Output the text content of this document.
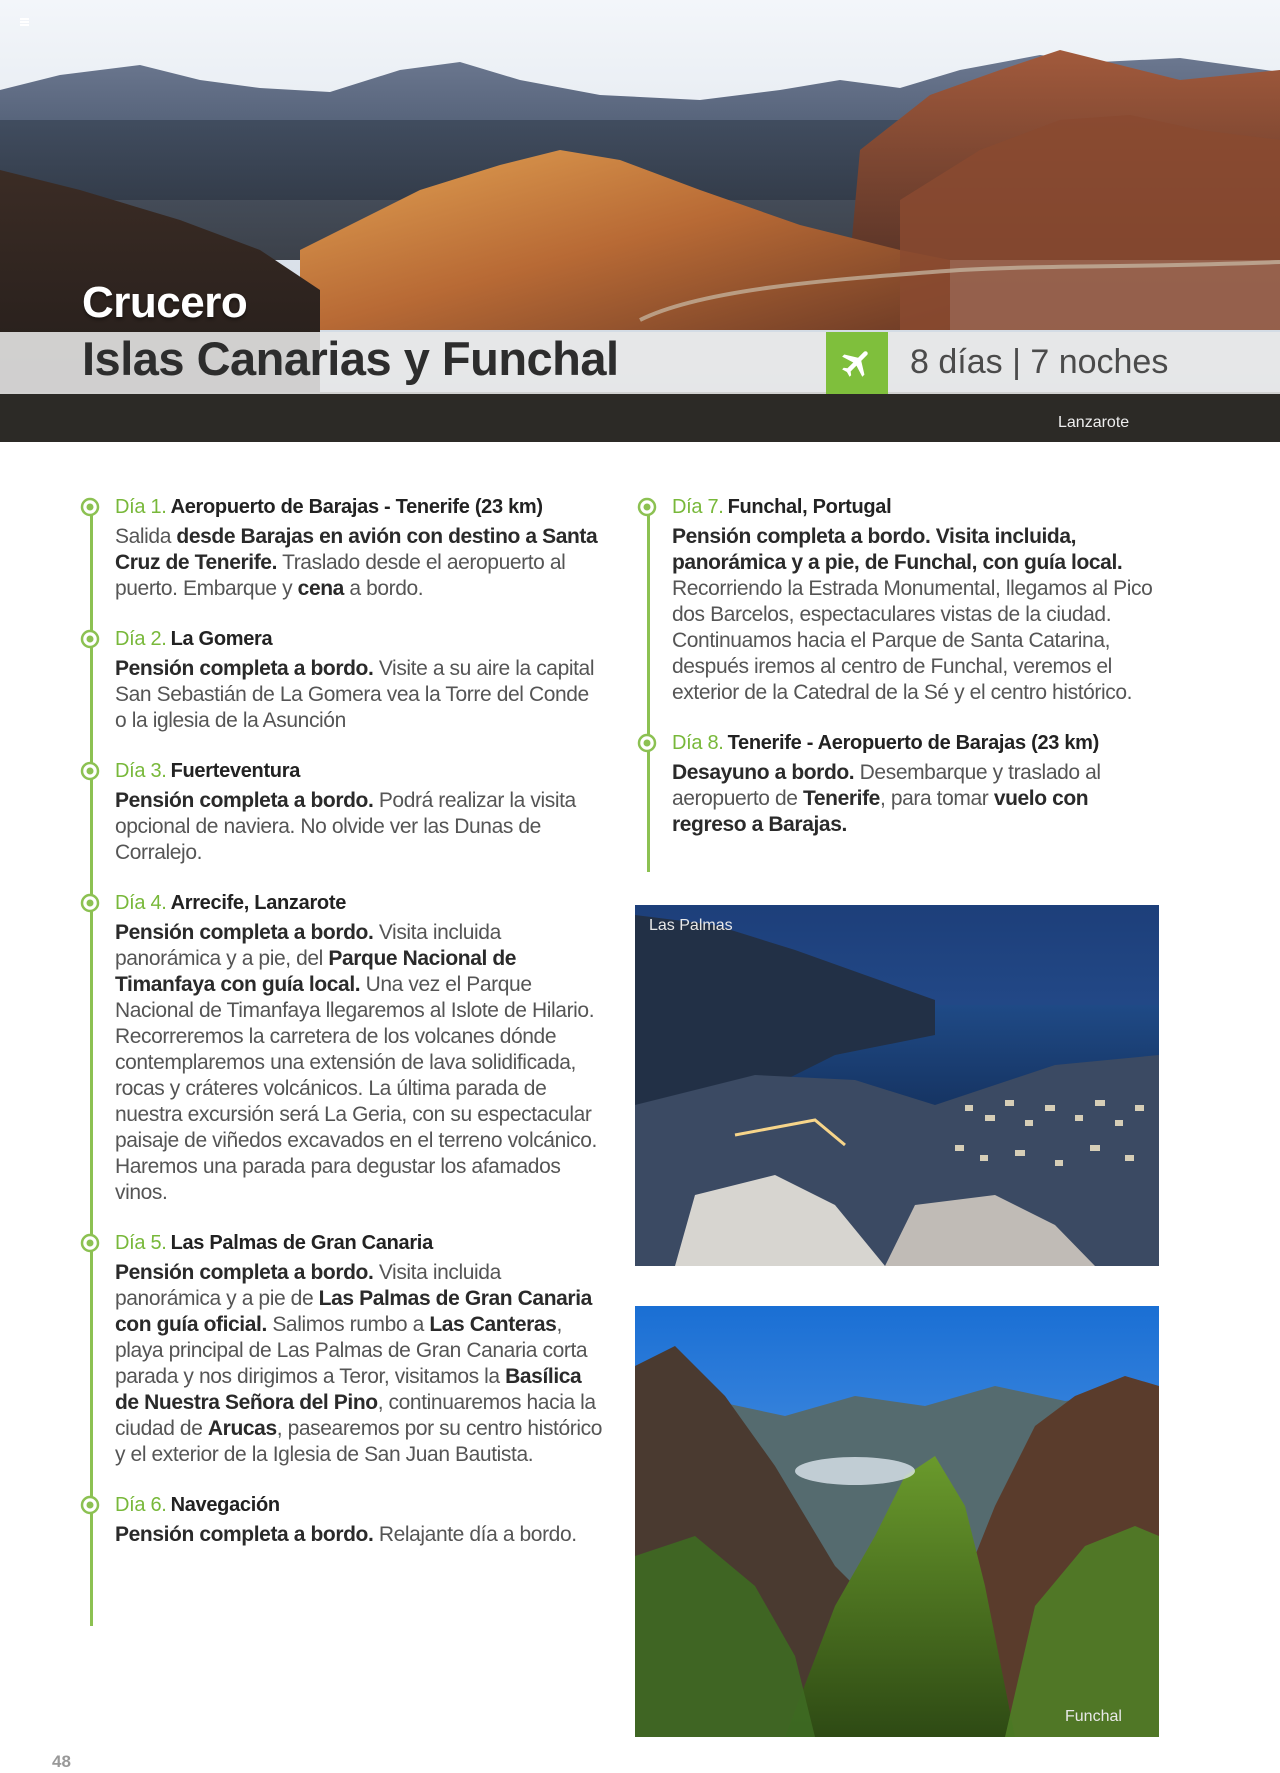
Crucero
Islas Canarias y Funchal	8 días | 7 noches
Lanzarote
Día 1. Aeropuerto de Barajas - Tenerife (23 km)
Salida desde Barajas en avión con destino a Santa Cruz de Tenerife. Traslado desde el aeropuerto al puerto. Embarque y cena a bordo.
Día 2. La Gomera
Pensión completa a bordo. Visite a su aire la capital San Sebastián de La Gomera vea la Torre del Conde o la iglesia de la Asunción
Día 3. Fuerteventura
Pensión completa a bordo. Podrá realizar la visita opcional de naviera. No olvide ver las Dunas de Corralejo.
Día 4. Arrecife, Lanzarote
Pensión completa a bordo. Visita incluida panorámica y a pie, del Parque Nacional de Timanfaya con guía local. Una vez el Parque Nacional de Timanfaya llegaremos al Islote de Hilario. Recorreremos la carretera de los volcanes dónde contemplaremos una extensión de lava solidificada, rocas y cráteres volcánicos. La última parada de nuestra excursión será La Geria, con su espectacular paisaje de viñedos excavados en el terreno volcánico. Haremos una parada para degustar los afamados vinos.
Día 5. Las Palmas de Gran Canaria
Pensión completa a bordo. Visita incluida panorámica y a pie de Las Palmas de Gran Canaria con guía oficial. Salimos rumbo a Las Canteras, playa principal de Las Palmas de Gran Canaria corta parada y nos dirigimos a Teror, visitamos la Basílica de Nuestra Señora del Pino, continuaremos hacia la ciudad de Arucas, pasearemos por su centro histórico y el exterior de la Iglesia de San Juan Bautista.
Día 6. Navegación
Pensión completa a bordo. Relajante día a bordo.
Día 7. Funchal, Portugal
Pensión completa a bordo. Visita incluida, panorámica y a pie, de Funchal, con guía local. Recorriendo la Estrada Monumental, llegamos al Pico dos Barcelos, espectaculares vistas de la ciudad. Continuamos hacia el Parque de Santa Catarina, después iremos al centro de Funchal, veremos el exterior de la Catedral de la Sé y el centro histórico.
Día 8. Tenerife - Aeropuerto de Barajas (23 km)
Desayuno a bordo. Desembarque y traslado al aeropuerto de Tenerife, para tomar vuelo con regreso a Barajas.
Las Palmas
Funchal
48
